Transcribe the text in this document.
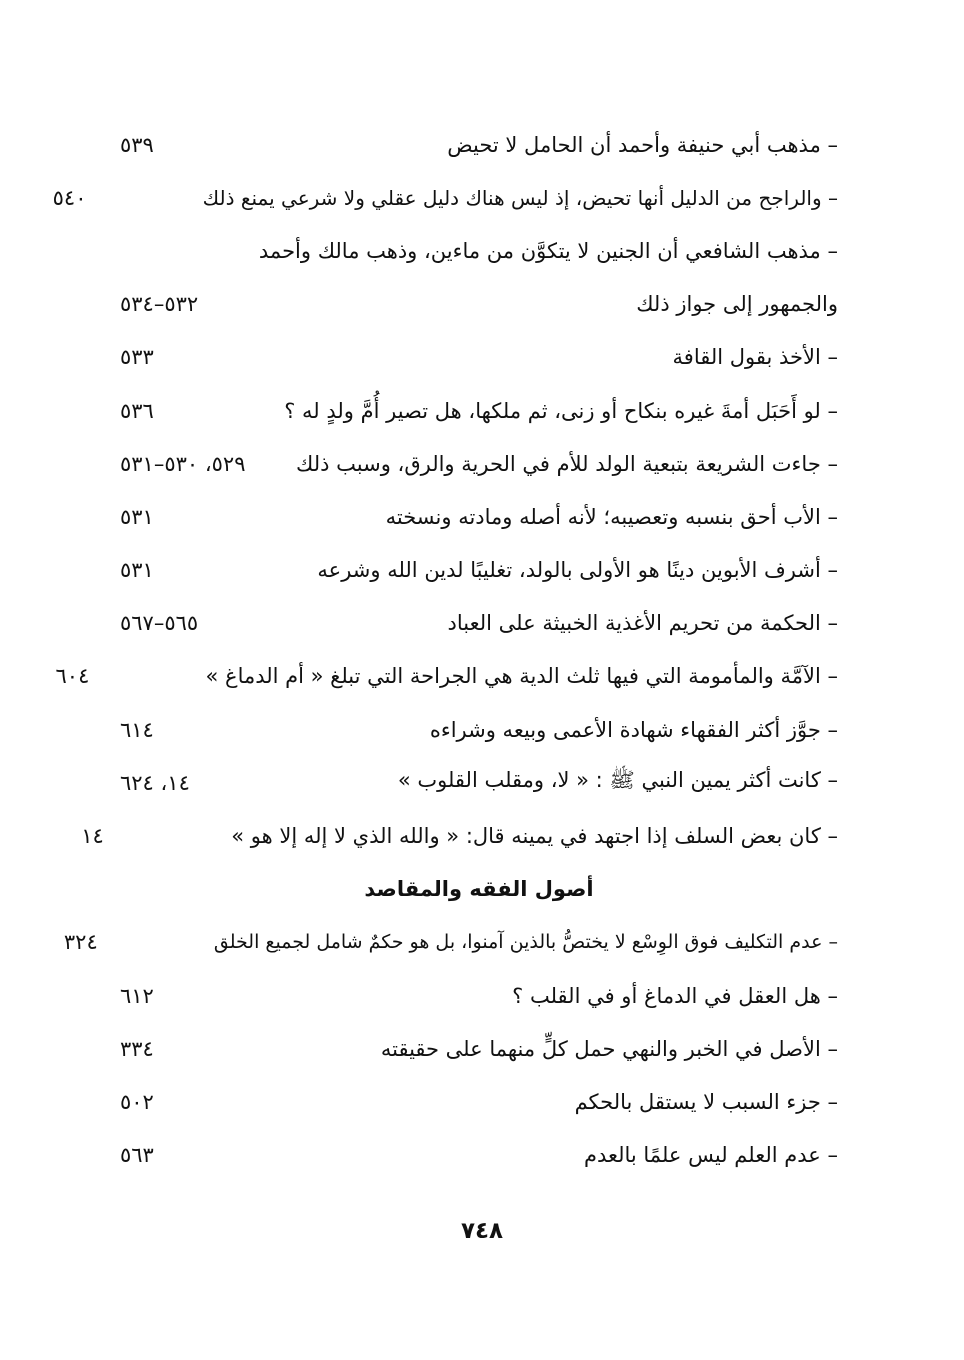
– مذهب أبي حنيفة وأحمد أن الحامل لا تحيض
٥٣٩
– والراجح من الدليل أنها تحيض، إذ ليس هناك دليل عقلي ولا شرعي يمنع ذلك
٥٤٠
– مذهب الشافعي أن الجنين لا يتكوَّن من ماءين، وذهب مالك وأحمد
والجمهور إلى جواز ذلك
٥٣٢–٥٣٤
– الأخذ بقول القافة
٥٣٣
– لو أَحَبَل أمةَ غيره بنكاح أو زنى، ثم ملكها، هل تصير أُمَّ ولدٍ له ؟
٥٣٦
– جاءت الشريعة بتبعية الولد للأم في الحرية والرق، وسبب ذلك
٥٢٩، ٥٣٠–٥٣١
– الأب أحق بنسبه وتعصيبه؛ لأنه أصله ومادته ونسخته
٥٣١
– أشرف الأبوين دينًا هو الأولى بالولد، تغليبًا لدين الله وشرعه
٥٣١
– الحكمة من تحريم الأغذية الخبيثة على العباد
٥٦٥–٥٦٧
– الآمَّة والمأمومة التي فيها ثلث الدية هي الجراحة التي تبلغ « أم الدماغ »
٦٠٤
– جوَّز أكثر الفقهاء شهادة الأعمى وبيعه وشراءه
٦١٤
– كانت أكثر يمين النبي ﷺ : « لا، ومقلب القلوب »
١٤، ٦٢٤
– كان بعض السلف إذا اجتهد في يمينه قال: « والله الذي لا إله إلا هو »
١٤
أصول الفقه والمقاصد
– عدم التكليف فوق الوِسْع لا يختصُّ بالذين آمنوا، بل هو حكمٌ شامل لجميع الخلق
٣٢٤
– هل العقل في الدماغ أو في القلب ؟
٦١٢
– الأصل في الخبر والنهي حمل كلٍّ منهما على حقيقته
٣٣٤
– جزء السبب لا يستقل بالحكم
٥٠٢
– عدم العلم ليس علمًا بالعدم
٥٦٣
٧٤٨
